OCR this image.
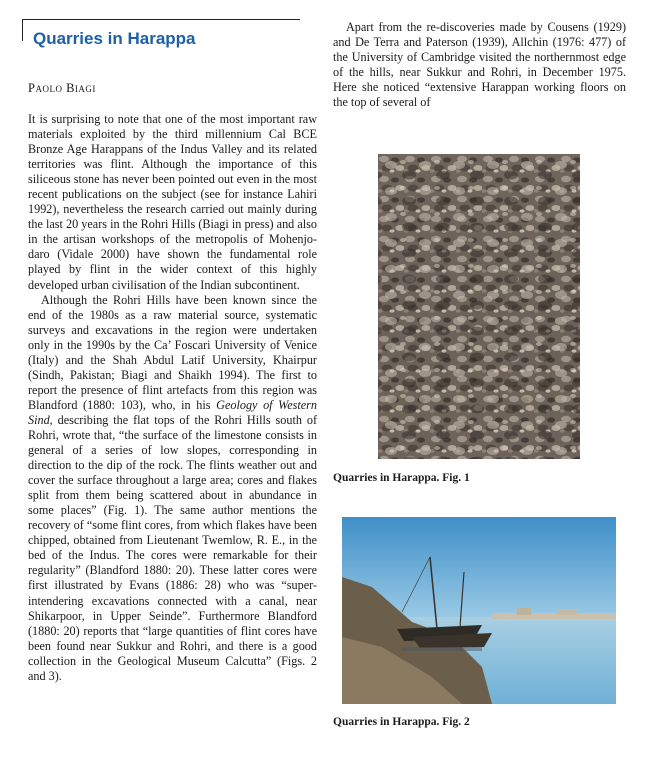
Quarries in Harappa
Paolo Biagi

It is surprising to note that one of the most important raw materials exploited by the third millennium Cal BCE Bronze Age Harappans of the Indus Valley and its related territories was flint. Although the importance of this siliceous stone has never been pointed out even in the most recent publications on the subject (see for instance Lahiri 1992), nevertheless the research carried out mainly during the last 20 years in the Rohri Hills (Biagi in press) and also in the artisan workshops of the metropolis of Mohenjo-daro (Vidale 2000) have shown the fundamental role played by flint in the wider context of this highly developed urban civilisation of the Indian subcontinent.

Although the Rohri Hills have been known since the end of the 1980s as a raw material source, systematic surveys and excavations in the region were undertaken only in the 1990s by the Ca’ Foscari University of Venice (Italy) and the Shah Abdul Latif University, Khairpur (Sindh, Pakistan; Biagi and Shaikh 1994). The first to report the presence of flint artefacts from this region was Blandford (1880: 103), who, in his Geology of Western Sind, describing the flat tops of the Rohri Hills south of Rohri, wrote that, “the surface of the limestone consists in general of a series of low slopes, corresponding in direction to the dip of the rock. The flints weather out and cover the surface throughout a large area; cores and flakes split from them being scattered about in abundance in some places” (Fig. 1). The same author mentions the recovery of “some flint cores, from which flakes have been chipped, obtained from Lieutenant Twemlow, R. E., in the bed of the Indus. The cores were remarkable for their regularity” (Blandford 1880: 20). These latter cores were first illustrated by Evans (1886: 28) who was “super-intendering excavations connected with a canal, near Shikarpoor, in Upper Seinde”. Furthermore Blandford (1880: 20) reports that “large quantities of flint cores have been found near Sukkur and Rohri, and there is a good collection in the Geological Museum Calcutta” (Figs. 2 and 3).

Apart from the re-discoveries made by Cousens (1929) and De Terra and Paterson (1939), Allchin (1976: 477) of the University of Cambridge visited the northernmost edge of the hills, near Sukkur and Rohri, in December 1975. Here she noticed “extensive Harappan working floors on the top of several of

Quarries in Harappa. Fig. 1
Quarries in Harappa. Fig. 2
